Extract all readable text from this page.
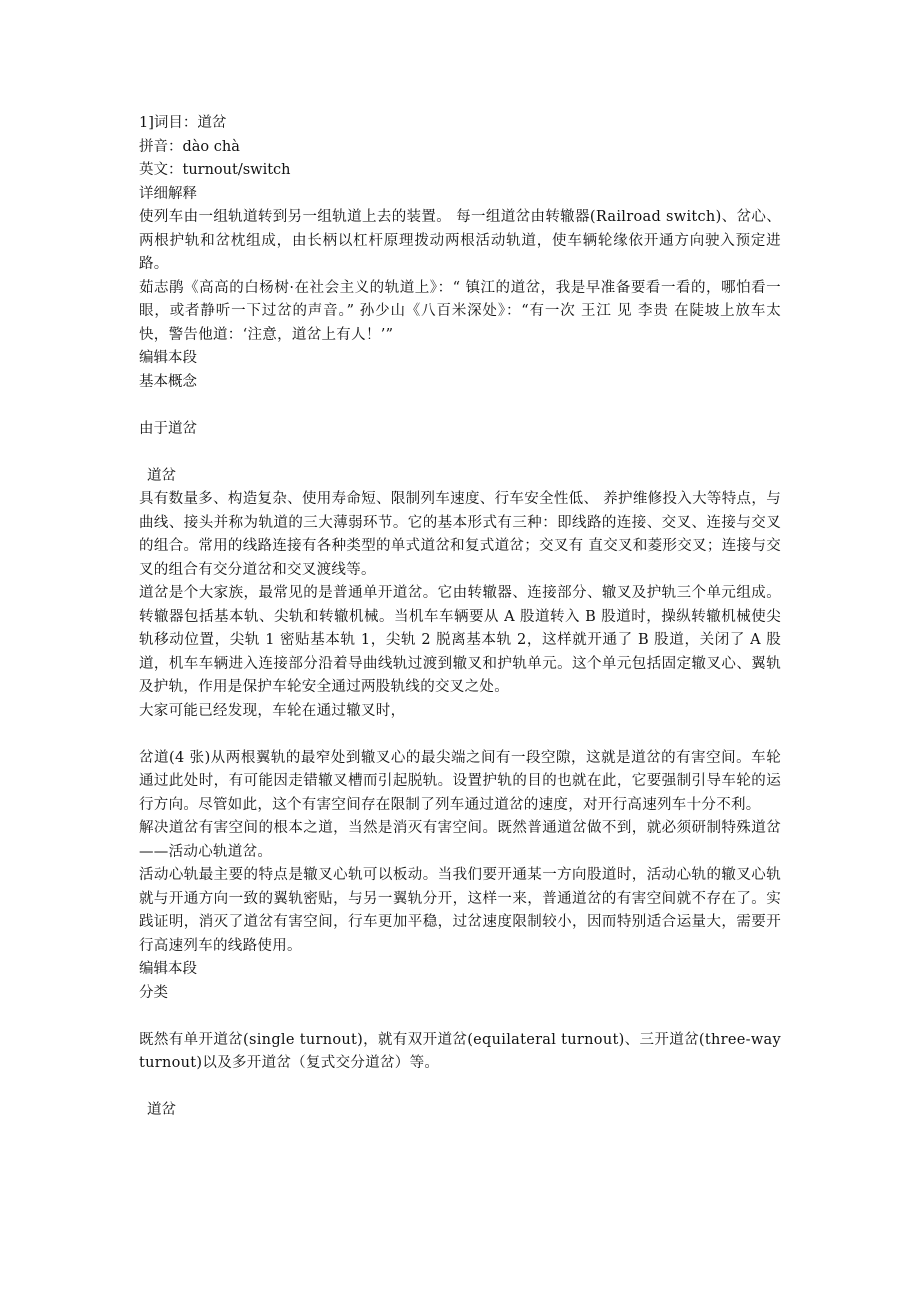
1]词目：道岔

拼音：dào chà

英文：turnout/switch

详细解释

使列车由一组轨道转到另一组轨道上去的装置。 每一组道岔由转辙器(Railroad switch)、岔心、两根护轨和岔枕组成，由长柄以杠杆原理拨动两根活动轨道，使车辆轮缘依开通方向驶入预定进路。

茹志鹃《高高的白杨树·在社会主义的轨道上》：“ 镇江的道岔，我是早准备要看一看的，哪怕看一眼，或者静听一下过岔的声音。” 孙少山《八百米深处》：“有一次 王江 见 李贵 在陡坡上放车太快，警告他道：‘注意，道岔上有人！’”

编辑本段

基本概念

由于道岔

道岔

具有数量多、构造复杂、使用寿命短、限制列车速度、行车安全性低、 养护维修投入大等特点，与曲线、接头并称为轨道的三大薄弱环节。它的基本形式有三种：即线路的连接、交叉、连接与交叉的组合。常用的线路连接有各种类型的单式道岔和复式道岔；交叉有 直交叉和菱形交叉；连接与交叉的组合有交分道岔和交叉渡线等。

道岔是个大家族，最常见的是普通单开道岔。它由转辙器、连接部分、辙叉及护轨三个单元组成。转辙器包括基本轨、尖轨和转辙机械。当机车车辆要从 A 股道转入 B 股道时，操纵转辙机械使尖轨移动位置，尖轨 1 密贴基本轨 1，尖轨 2 脱离基本轨 2，这样就开通了 B 股道，关闭了 A 股道，机车车辆进入连接部分沿着导曲线轨过渡到辙叉和护轨单元。这个单元包括固定辙叉心、翼轨及护轨，作用是保护车轮安全通过两股轨线的交叉之处。

大家可能已经发现，车轮在通过辙叉时，

岔道(4 张)从两根翼轨的最窄处到辙叉心的最尖端之间有一段空隙，这就是道岔的有害空间。车轮通过此处时，有可能因走错辙叉槽而引起脱轨。设置护轨的目的也就在此，它要强制引导车轮的运行方向。尽管如此，这个有害空间存在限制了列车通过道岔的速度，对开行高速列车十分不利。

解决道岔有害空间的根本之道，当然是消灭有害空间。既然普通道岔做不到，就必须研制特殊道岔——活动心轨道岔。

活动心轨最主要的特点是辙叉心轨可以板动。当我们要开通某一方向股道时，活动心轨的辙叉心轨就与开通方向一致的翼轨密贴，与另一翼轨分开，这样一来，普通道岔的有害空间就不存在了。实践证明，消灭了道岔有害空间，行车更加平稳，过岔速度限制较小，因而特别适合运量大，需要开行高速列车的线路使用。

编辑本段

分类

既然有单开道岔(single turnout)，就有双开道岔(equilateral turnout)、三开道岔(three-way turnout)以及多开道岔（复式交分道岔）等。

道岔
